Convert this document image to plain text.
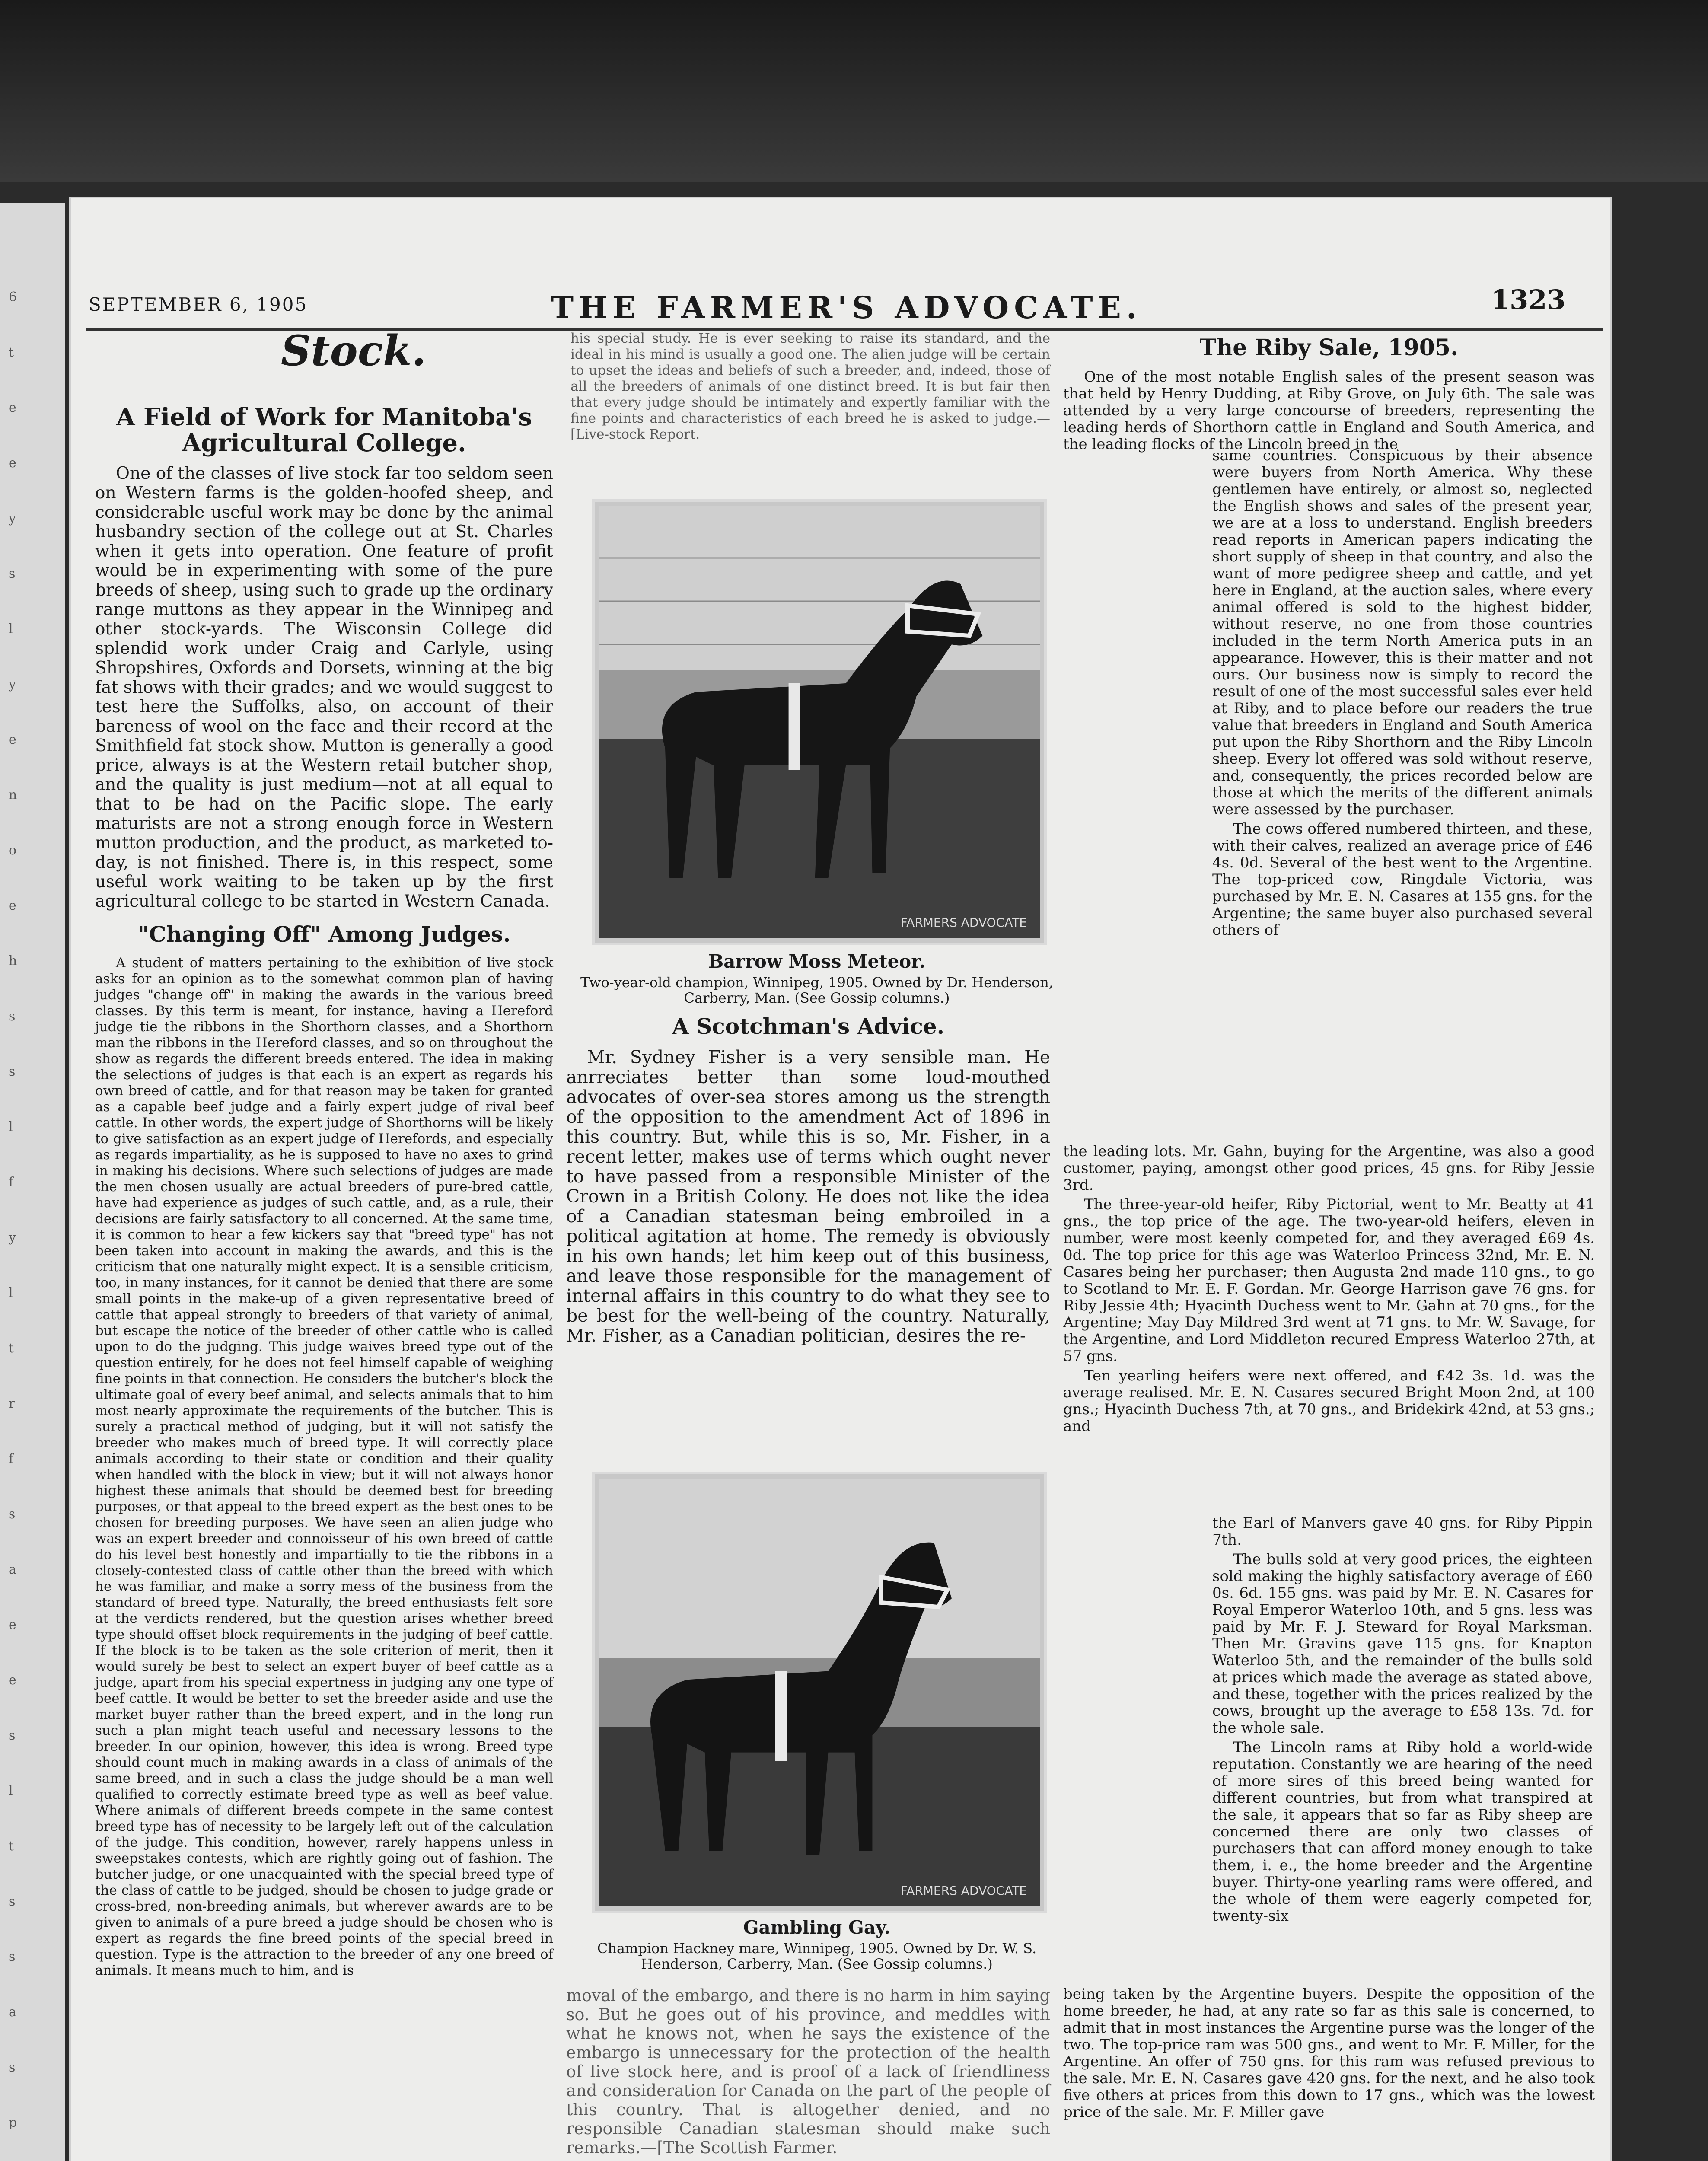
6
t
e
e
y
s
l
y
e
n
o
e
h
s
s
l
f
y
l
t
r
f
s
a
e
e
s
l
t
s
s
a
s
p
SEPTEMBER 6, 1905	THE FARMER'S ADVOCATE.	1323
Stock.
A Field of Work for Manitoba's Agricultural College.

One of the classes of live stock far too seldom seen on Western farms is the golden-hoofed sheep, and considerable useful work may be done by the animal husbandry section of the college out at St. Charles when it gets into operation. One feature of profit would be in experimenting with some of the pure breeds of sheep, using such to grade up the ordinary range muttons as they appear in the Winnipeg and other stock-yards. The Wisconsin College did splendid work under Craig and Carlyle, using Shropshires, Oxfords and Dorsets, winning at the big fat shows with their grades; and we would suggest to test here the Suffolks, also, on account of their bareness of wool on the face and their record at the Smithfield fat stock show. Mutton is generally a good price, always is at the Western retail butcher shop, and the quality is just medium—not at all equal to that to be had on the Pacific slope. The early maturists are not a strong enough force in Western mutton production, and the product, as marketed to-day, is not finished. There is, in this respect, some useful work waiting to be taken up by the first agricultural college to be started in Western Canada.

"Changing Off" Among Judges.

A student of matters pertaining to the exhibition of live stock asks for an opinion as to the somewhat common plan of having judges "change off" in making the awards in the various breed classes. By this term is meant, for instance, having a Hereford judge tie the ribbons in the Shorthorn classes, and a Shorthorn man the ribbons in the Hereford classes, and so on throughout the show as regards the different breeds entered. The idea in making the selections of judges is that each is an expert as regards his own breed of cattle, and for that reason may be taken for granted as a capable beef judge and a fairly expert judge of rival beef cattle. In other words, the expert judge of Shorthorns will be likely to give satisfaction as an expert judge of Herefords, and especially as regards impartiality, as he is supposed to have no axes to grind in making his decisions. Where such selections of judges are made the men chosen usually are actual breeders of pure-bred cattle, have had experience as judges of such cattle, and, as a rule, their decisions are fairly satisfactory to all concerned. At the same time, it is common to hear a few kickers say that "breed type" has not been taken into account in making the awards, and this is the criticism that one naturally might expect. It is a sensible criticism, too, in many instances, for it cannot be denied that there are some small points in the make-up of a given representative breed of cattle that appeal strongly to breeders of that variety of animal, but escape the notice of the breeder of other cattle who is called upon to do the judging. This judge waives breed type out of the question entirely, for he does not feel himself capable of weighing fine points in that connection. He considers the butcher's block the ultimate goal of every beef animal, and selects animals that to him most nearly approximate the requirements of the butcher. This is surely a practical method of judging, but it will not satisfy the breeder who makes much of breed type. It will correctly place animals according to their state or condition and their quality when handled with the block in view; but it will not always honor highest these animals that should be deemed best for breeding purposes, or that appeal to the breed expert as the best ones to be chosen for breeding purposes. We have seen an alien judge who was an expert breeder and connoisseur of his own breed of cattle do his level best honestly and impartially to tie the ribbons in a closely-contested class of cattle other than the breed with which he was familiar, and make a sorry mess of the business from the standard of breed type. Naturally, the breed enthusiasts felt sore at the verdicts rendered, but the question arises whether breed type should offset block requirements in the judging of beef cattle. If the block is to be taken as the sole criterion of merit, then it would surely be best to select an expert buyer of beef cattle as a judge, apart from his special expertness in judging any one type of beef cattle. It would be better to set the breeder aside and use the market buyer rather than the breed expert, and in the long run such a plan might teach useful and necessary lessons to the breeder. In our opinion, however, this idea is wrong. Breed type should count much in making awards in a class of animals of the same breed, and in such a class the judge should be a man well qualified to correctly estimate breed type as well as beef value. Where animals of different breeds compete in the same contest breed type has of necessity to be largely left out of the calculation of the judge. This condition, however, rarely happens unless in sweepstakes contests, which are rightly going out of fashion. The butcher judge, or one unacquainted with the special breed type of the class of cattle to be judged, should be chosen to judge grade or cross-bred, non-breeding animals, but wherever awards are to be given to animals of a pure breed a judge should be chosen who is expert as regards the fine breed points of the special breed in question. Type is the attraction to the breeder of any one breed of animals. It means much to him, and is

his special study. He is ever seeking to raise its standard, and the ideal in his mind is usually a good one. The alien judge will be certain to upset the ideas and beliefs of such a breeder, and, indeed, those of all the breeders of animals of one distinct breed. It is but fair then that every judge should be intimately and expertly familiar with the fine points and characteristics of each breed he is asked to judge.—[Live-stock Report.

FARMERS ADVOCATE
Barrow Moss Meteor.
Two-year-old champion, Winnipeg, 1905. Owned by Dr. Henderson, Carberry, Man. (See Gossip columns.)
A Scotchman's Advice.

Mr. Sydney Fisher is a very sensible man. He anrreciates better than some loud-mouthed advocates of over-sea stores among us the strength of the opposition to the amendment Act of 1896 in this country. But, while this is so, Mr. Fisher, in a recent letter, makes use of terms which ought never to have passed from a responsible Minister of the Crown in a British Colony. He does not like the idea of a Canadian statesman being embroiled in a political agitation at home. The remedy is obviously in his own hands; let him keep out of this business, and leave those responsible for the management of internal affairs in this country to do what they see to be best for the well-being of the country. Naturally, Mr. Fisher, as a Canadian politician, desires the re-

FARMERS ADVOCATE
Gambling Gay.
Champion Hackney mare, Winnipeg, 1905. Owned by Dr. W. S. Henderson, Carberry, Man. (See Gossip columns.)

moval of the embargo, and there is no harm in him saying so. But he goes out of his province, and meddles with what he knows not, when he says the existence of the embargo is unnecessary for the protection of the health of live stock here, and is proof of a lack of friendliness and consideration for Canada on the part of the people of this country. That is altogether denied, and no responsible Canadian statesman should make such remarks.—[The Scottish Farmer.

The Riby Sale, 1905.

One of the most notable English sales of the present season was that held by Henry Dudding, at Riby Grove, on July 6th. The sale was attended by a very large concourse of breeders, representing the leading herds of Shorthorn cattle in England and South America, and the leading flocks of the Lincoln breed in the

same countries. Conspicuous by their absence were buyers from North America. Why these gentlemen have entirely, or almost so, neglected the English shows and sales of the present year, we are at a loss to understand. English breeders read reports in American papers indicating the short supply of sheep in that country, and also the want of more pedigree sheep and cattle, and yet here in England, at the auction sales, where every animal offered is sold to the highest bidder, without reserve, no one from those countries included in the term North America puts in an appearance. However, this is their matter and not ours. Our business now is simply to record the result of one of the most successful sales ever held at Riby, and to place before our readers the true value that breeders in England and South America put upon the Riby Shorthorn and the Riby Lincoln sheep. Every lot offered was sold without reserve, and, consequently, the prices recorded below are those at which the merits of the different animals were assessed by the purchaser.

The cows offered numbered thirteen, and these, with their calves, realized an average price of £46 4s. 0d. Several of the best went to the Argentine. The top-priced cow, Ringdale Victoria, was purchased by Mr. E. N. Casares at 155 gns. for the Argentine; the same buyer also purchased several others of

the leading lots. Mr. Gahn, buying for the Argentine, was also a good customer, paying, amongst other good prices, 45 gns. for Riby Jessie 3rd.

The three-year-old heifer, Riby Pictorial, went to Mr. Beatty at 41 gns., the top price of the age. The two-year-old heifers, eleven in number, were most keenly competed for, and they averaged £69 4s. 0d. The top price for this age was Waterloo Princess 32nd, Mr. E. N. Casares being her purchaser; then Augusta 2nd made 110 gns., to go to Scotland to Mr. E. F. Gordan. Mr. George Harrison gave 76 gns. for Riby Jessie 4th; Hyacinth Duchess went to Mr. Gahn at 70 gns., for the Argentine; May Day Mildred 3rd went at 71 gns. to Mr. W. Savage, for the Argentine, and Lord Middleton recured Empress Waterloo 27th, at 57 gns.

Ten yearling heifers were next offered, and £42 3s. 1d. was the average realised. Mr. E. N. Casares secured Bright Moon 2nd, at 100 gns.; Hyacinth Duchess 7th, at 70 gns., and Bridekirk 42nd, at 53 gns.; and

the Earl of Manvers gave 40 gns. for Riby Pippin 7th.

The bulls sold at very good prices, the eighteen sold making the highly satisfactory average of £60 0s. 6d. 155 gns. was paid by Mr. E. N. Casares for Royal Emperor Waterloo 10th, and 5 gns. less was paid by Mr. F. J. Steward for Royal Marksman. Then Mr. Gravins gave 115 gns. for Knapton Waterloo 5th, and the remainder of the bulls sold at prices which made the average as stated above, and these, together with the prices realized by the cows, brought up the average to £58 13s. 7d. for the whole sale.

The Lincoln rams at Riby hold a world-wide reputation. Constantly we are hearing of the need of more sires of this breed being wanted for different countries, but from what transpired at the sale, it appears that so far as Riby sheep are concerned there are only two classes of purchasers that can afford money enough to take them, i. e., the home breeder and the Argentine buyer. Thirty-one yearling rams were offered, and the whole of them were eagerly competed for, twenty-six

being taken by the Argentine buyers. Despite the opposition of the home breeder, he had, at any rate so far as this sale is concerned, to admit that in most instances the Argentine purse was the longer of the two. The top-price ram was 500 gns., and went to Mr. F. Miller, for the Argentine. An offer of 750 gns. for this ram was refused previous to the sale. Mr. E. N. Casares gave 420 gns. for the next, and he also took five others at prices from this down to 17 gns., which was the lowest price of the sale. Mr. F. Miller gave
